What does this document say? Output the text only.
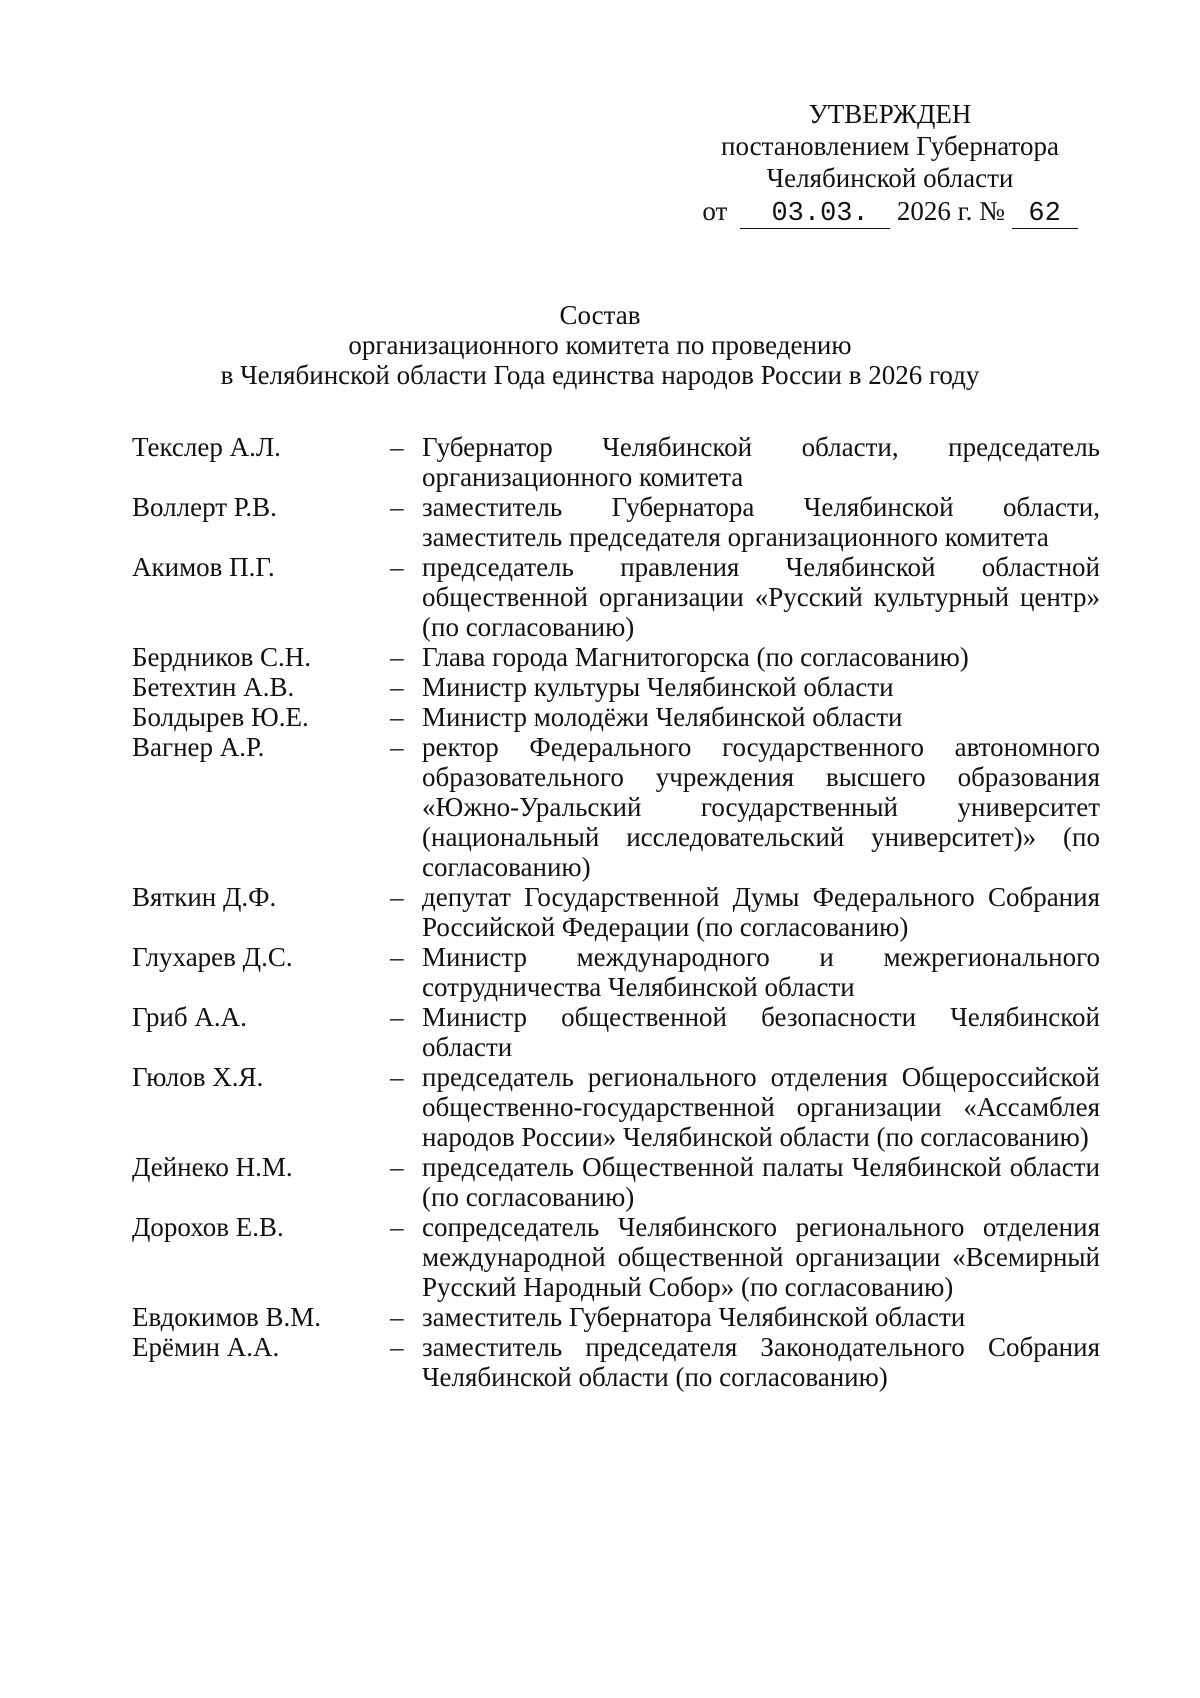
УТВЕРЖДЕН
постановлением Губернатора
Челябинской области
от 03.03. 2026 г. № 62
Состав
организационного комитета по проведению
в Челябинской области Года единства народов России в 2026 году
Текслер А.Л.	– Губернатор Челябинской области, председатель организационного комитета
Воллерт Р.В.	– заместитель Губернатора Челябинской области, заместитель председателя организационного комитета
Акимов П.Г.	– председатель правления Челябинской областной общественной организации «Русский культурный центр» (по согласованию)
Бердников С.Н.	– Глава города Магнитогорска (по согласованию)
Бетехтин А.В.	– Министр культуры Челябинской области
Болдырев Ю.Е.	– Министр молодёжи Челябинской области
Вагнер А.Р.	– ректор Федерального государственного автономного образовательного учреждения высшего образования «Южно-Уральский государственный университет (национальный исследовательский университет)» (по согласованию)
Вяткин Д.Ф.	– депутат Государственной Думы Федерального Собрания Российской Федерации (по согласованию)
Глухарев Д.С.	– Министр международного и межрегионального сотрудничества Челябинской области
Гриб А.А.	– Министр общественной безопасности Челябинской области
Гюлов Х.Я.	– председатель регионального отделения Общероссийской общественно-государственной организации «Ассамблея народов России» Челябинской области (по согласованию)
Дейнеко Н.М.	– председатель Общественной палаты Челябинской области (по согласованию)
Дорохов Е.В.	– сопредседатель Челябинского регионального отделения международной общественной организации «Всемирный Русский Народный Собор» (по согласованию)
Евдокимов В.М.	– заместитель Губернатора Челябинской области
Ерёмин А.А.	– заместитель председателя Законодательного Собрания Челябинской области (по согласованию)
